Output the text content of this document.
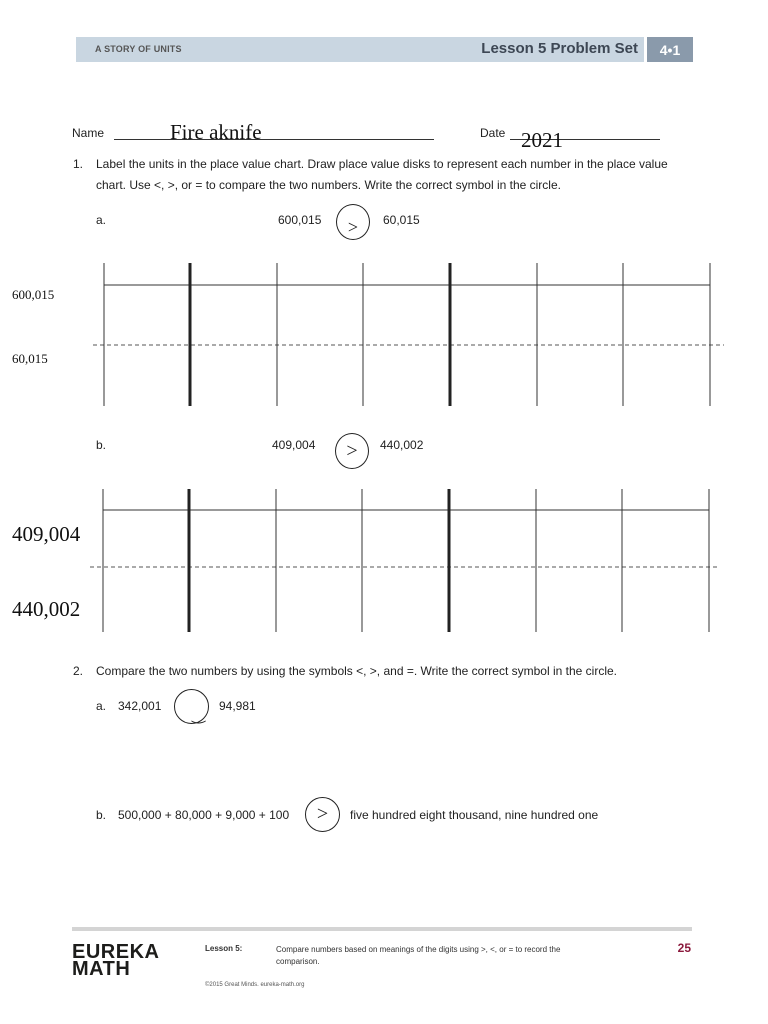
A STORY OF UNITS	Lesson 5 Problem Set	4•1
Name	Fire aknife	Date 2021
1. Label the units in the place value chart. Draw place value disks to represent each number in the place value chart. Use <, >, or = to compare the two numbers. Write the correct symbol in the circle.
a.	600,015 > 60,015
600,015
60,015
b.	409,004 > 440,002
409,004
440,002
2. Compare the two numbers by using the symbols <, >, and =. Write the correct symbol in the circle.
a. 342,001
‿
94,981
b. 500,000 + 80,000 + 9,000 + 100 > five hundred eight thousand, nine hundred one
EUREKA
MATH
Lesson 5:	Compare numbers based on meanings of the digits using >, <, or = to record the comparison.
25
©2015 Great Minds. eureka-math.org
